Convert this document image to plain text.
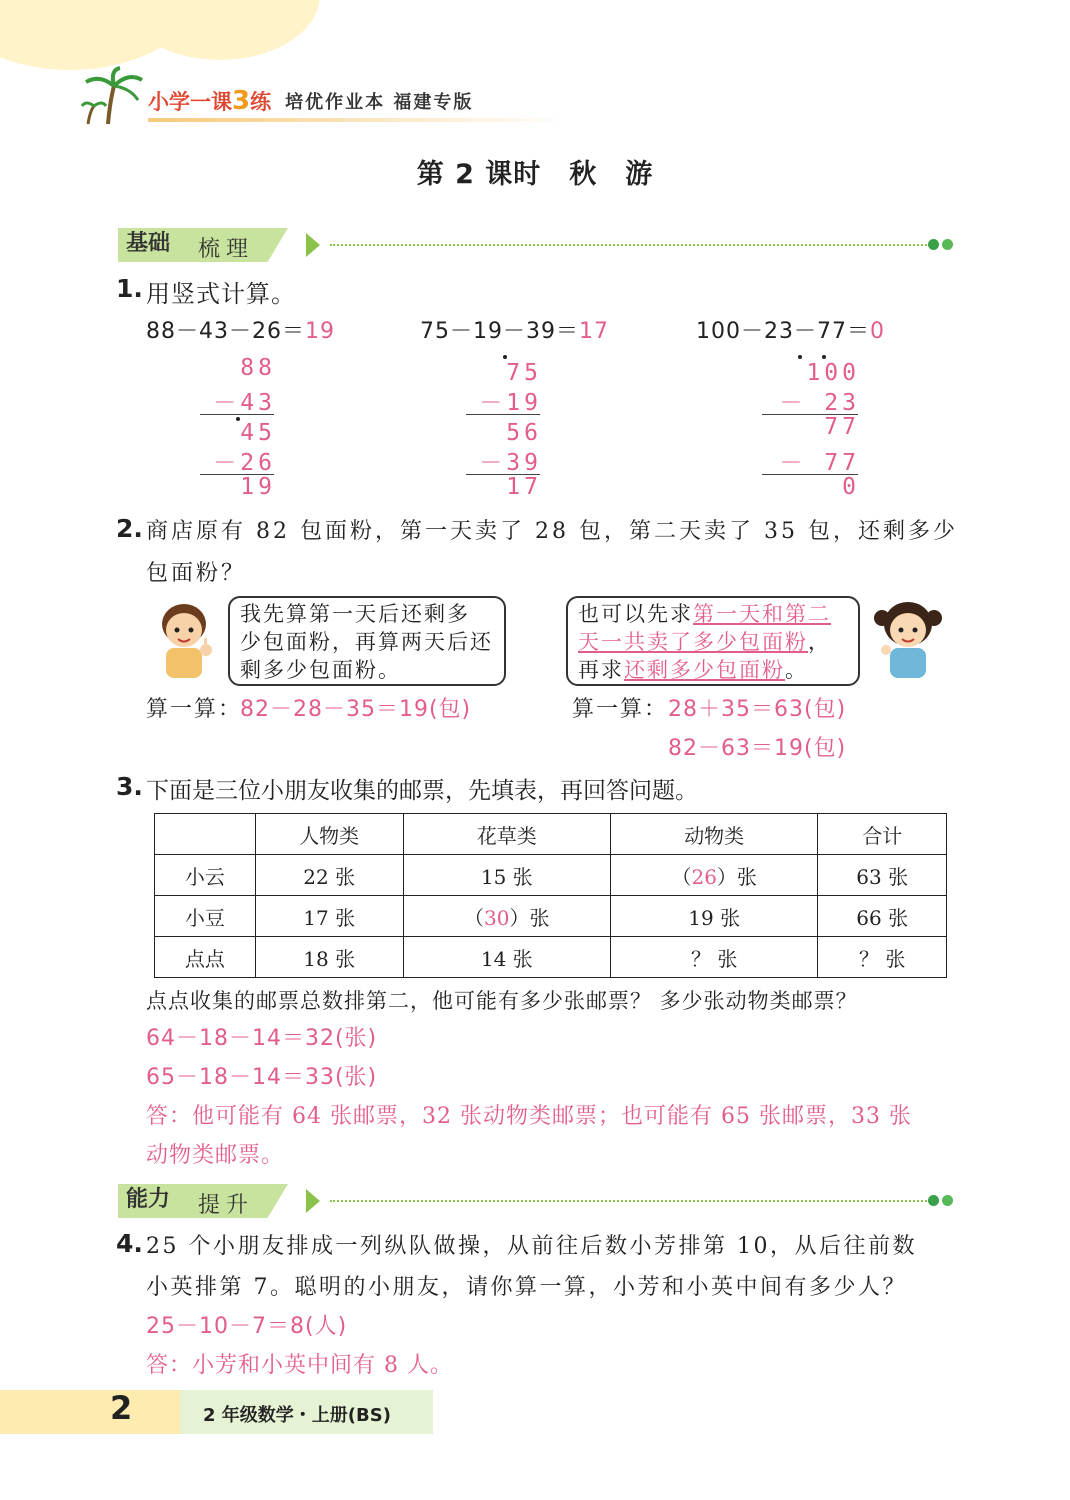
小学一课3练 培优作业本 福建专版
第 2 课时　秋　游
基础 梳理
1. 用竖式计算。
88－43－26＝19	75－19－39＝17	100－23－77＝0
88
－43
45
－26
19
75
－19
56
－39
17
100
－ 23
77
－ 77
0
2. 商店原有 82 包面粉，第一天卖了 28 包，第二天卖了 35 包，还剩多少
包面粉？
我先算第一天后还剩多
少包面粉，再算两天后还
剩多少包面粉。
也可以先求第一天和第二
天一共卖了多少包面粉，
再求还剩多少包面粉。
算一算：
82－28－35＝19(包)	算一算： 28＋35＝63(包)
82－63＝19(包)
3. 下面是三位小朋友收集的邮票，先填表，再回答问题。
	人物类	花草类	动物类	合计
小云	22 张	15 张	（26）张	63 张
小豆	17 张	（30）张	19 张	66 张
点点	18 张	14 张	？ 张	？ 张
点点收集的邮票总数排第二，他可能有多少张邮票？ 多少张动物类邮票？
64－18－14＝32(张)
65－18－14＝33(张)
答：他可能有 64 张邮票，32 张动物类邮票；也可能有 65 张邮票，33 张
动物类邮票。
能力 提升
4. 25 个小朋友排成一列纵队做操，从前往后数小芳排第 10，从后往前数
小英排第 7。聪明的小朋友，请你算一算，小芳和小英中间有多少人？
25－10－7＝8(人)
答：小芳和小英中间有 8 人。
2	2 年级数学・上册(BS)
